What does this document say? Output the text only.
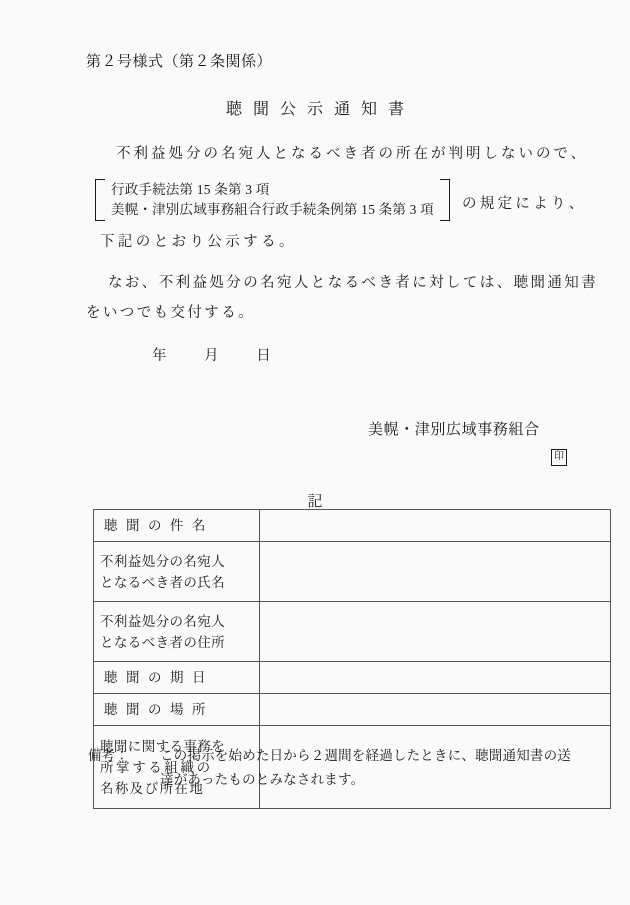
第２号様式（第２条関係）
聴聞公示通知書
不利益処分の名宛人となるべき者の所在が判明しないので、
行政手続法第 15 条第 3 項
美幌・津別広域事務組合行政手続条例第 15 条第 3 項 の規定により、
下記のとおり公示する。
なお、不利益処分の名宛人となるべき者に対しては、聴聞通知書をいつでも交付する。
年	月	日
美幌・津別広域事務組合
印
記
聴聞の件名	

不利益処分の名宛人
となるべき者の氏名	

不利益処分の名宛人
となるべき者の住所	

聴聞の期日	

聴聞の場所	

聴聞に関する事務を
所掌する組織の
名称及び所在地	

備考：	この掲示を始めた日から２週間を経過したときに、聴聞通知書の送
達があったものとみなされます。
